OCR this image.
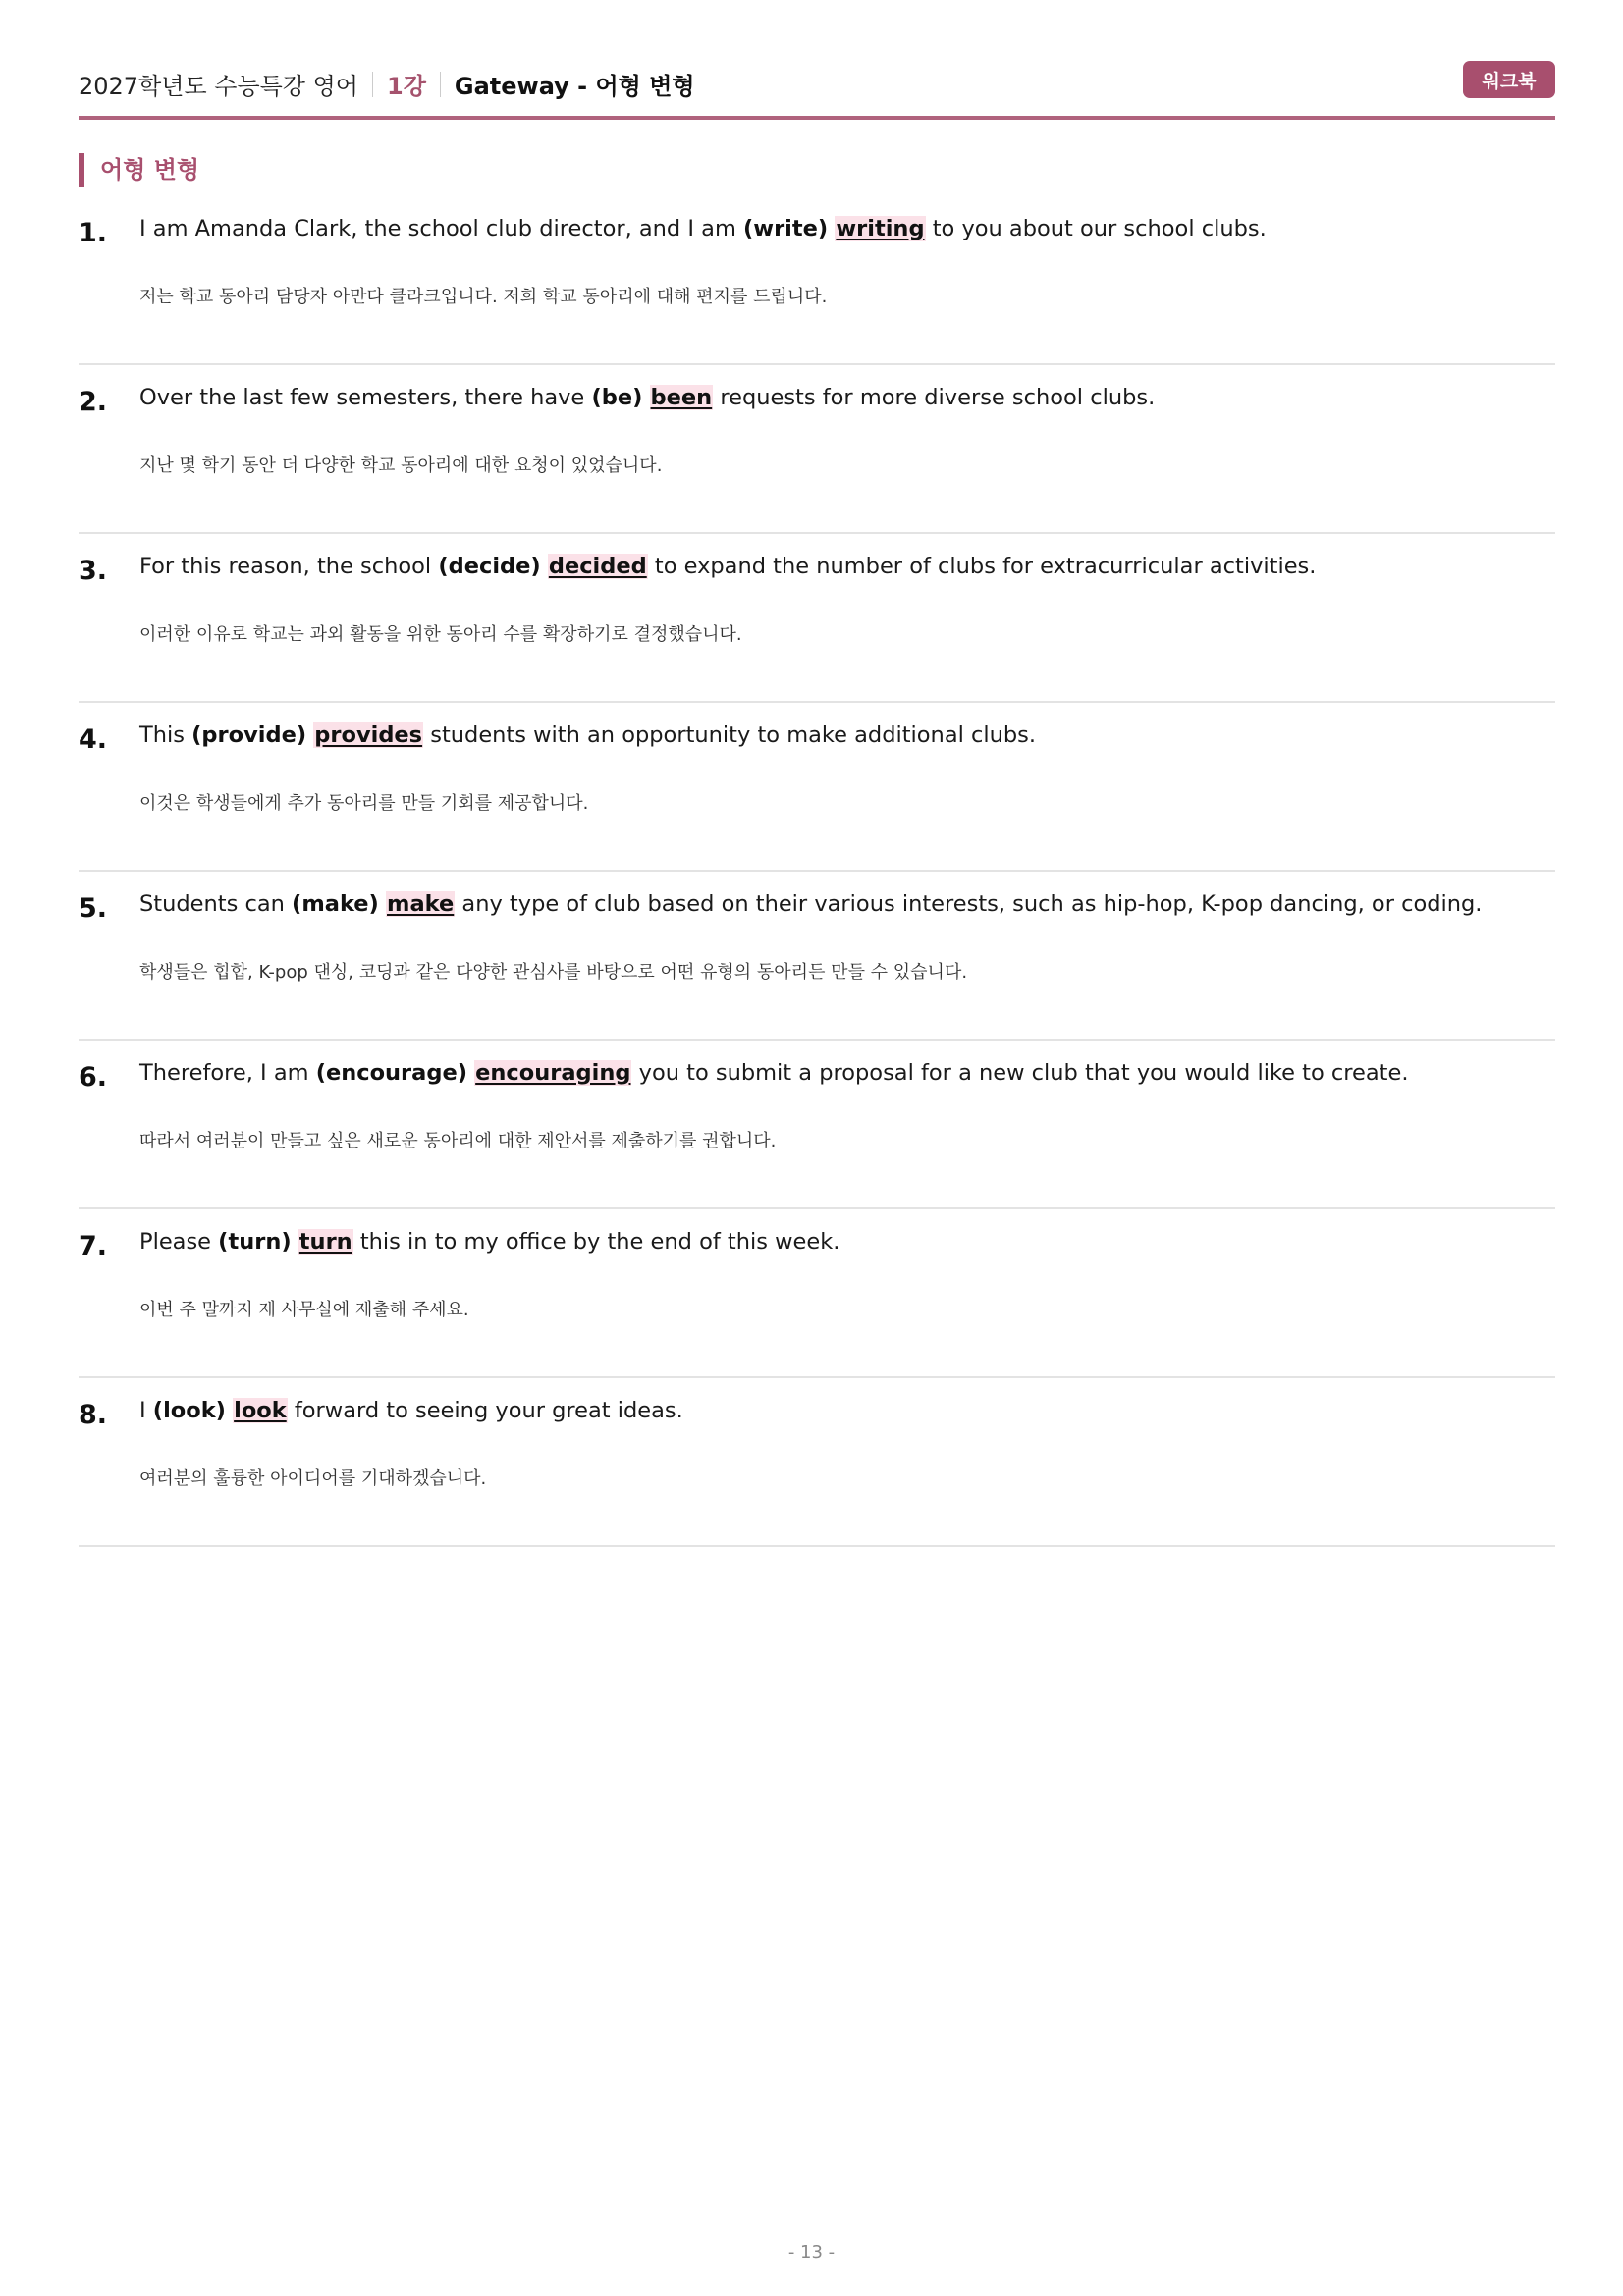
2027학년도 수능특강 영어 1강 Gateway - 어형 변형	워크북
어형 변형
1. I am Amanda Clark, the school club director, and I am (write) writing to you about our school clubs.
저는 학교 동아리 담당자 아만다 클라크입니다. 저희 학교 동아리에 대해 편지를 드립니다.
2. Over the last few semesters, there have (be) been requests for more diverse school clubs.
지난 몇 학기 동안 더 다양한 학교 동아리에 대한 요청이 있었습니다.
3. For this reason, the school (decide) decided to expand the number of clubs for extracurricular activities.
이러한 이유로 학교는 과외 활동을 위한 동아리 수를 확장하기로 결정했습니다.
4. This (provide) provides students with an opportunity to make additional clubs.
이것은 학생들에게 추가 동아리를 만들 기회를 제공합니다.
5. Students can (make) make any type of club based on their various interests, such as hip-hop, K-pop dancing, or coding.
학생들은 힙합, K-pop 댄싱, 코딩과 같은 다양한 관심사를 바탕으로 어떤 유형의 동아리든 만들 수 있습니다.
6. Therefore, I am (encourage) encouraging you to submit a proposal for a new club that you would like to create.
따라서 여러분이 만들고 싶은 새로운 동아리에 대한 제안서를 제출하기를 권합니다.
7. Please (turn) turn this in to my office by the end of this week.
이번 주 말까지 제 사무실에 제출해 주세요.
8. I (look) look forward to seeing your great ideas.
여러분의 훌륭한 아이디어를 기대하겠습니다.
- 13 -
